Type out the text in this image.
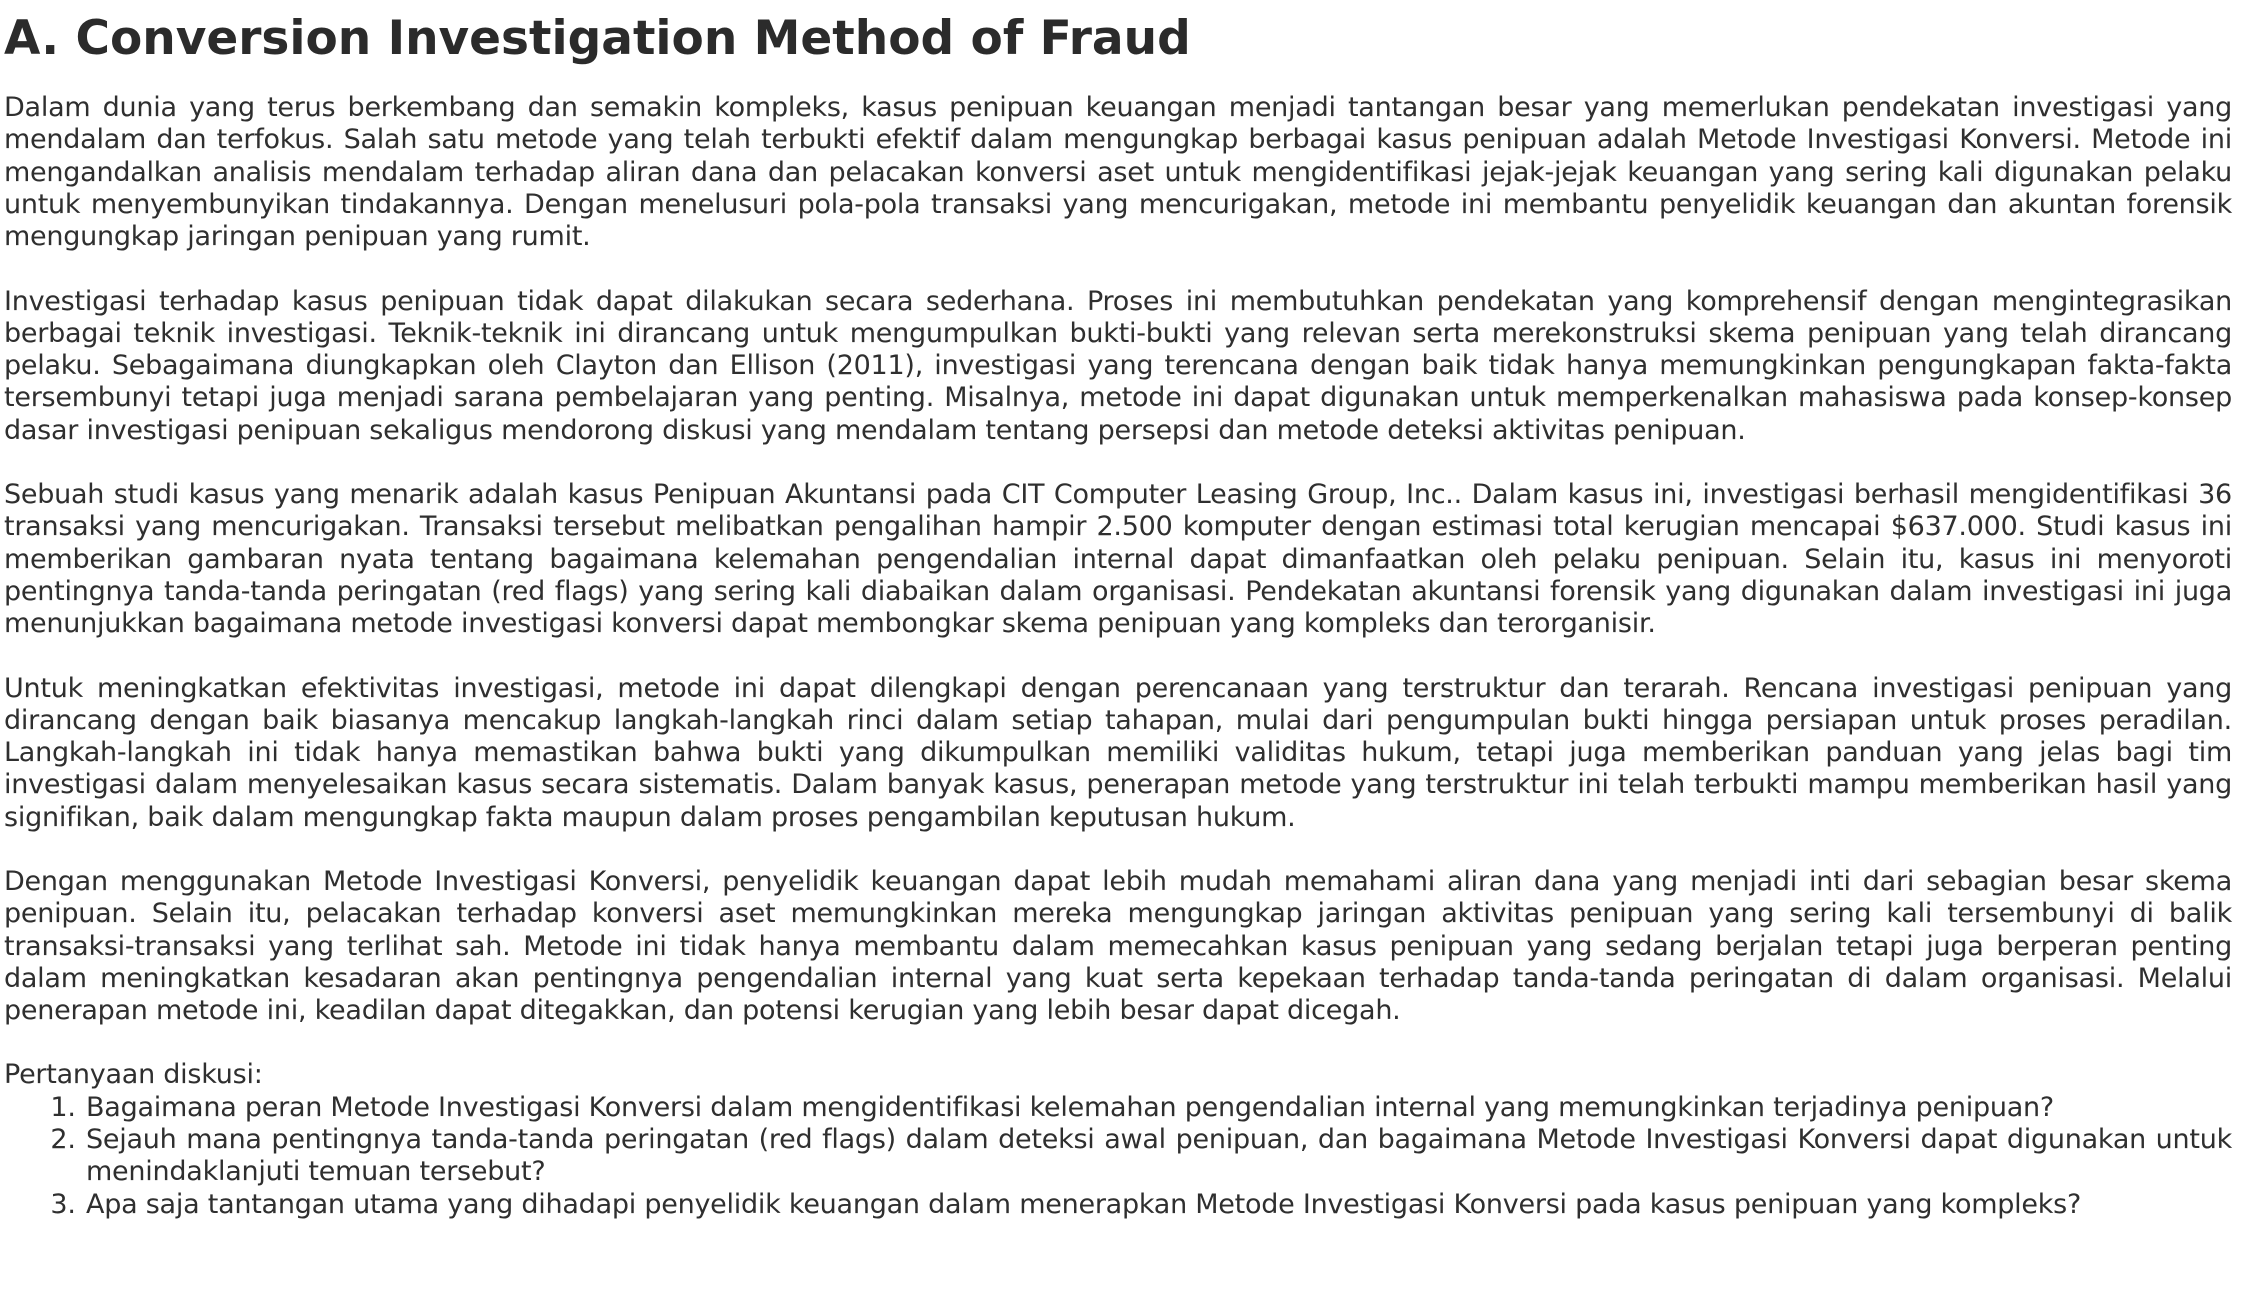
A. Conversion Investigation Method of Fraud

Dalam dunia yang terus berkembang dan semakin kompleks, kasus penipuan keuangan menjadi tantangan besar yang memerlukan pendekatan investigasi yang mendalam dan terfokus. Salah satu metode yang telah terbukti efektif dalam mengungkap berbagai kasus penipuan adalah Metode Investigasi Konversi. Metode ini mengandalkan analisis mendalam terhadap aliran dana dan pelacakan konversi aset untuk mengidentifikasi jejak-jejak keuangan yang sering kali digunakan pelaku untuk menyembunyikan tindakannya. Dengan menelusuri pola-pola transaksi yang mencurigakan, metode ini membantu penyelidik keuangan dan akuntan forensik mengungkap jaringan penipuan yang rumit.

Investigasi terhadap kasus penipuan tidak dapat dilakukan secara sederhana. Proses ini membutuhkan pendekatan yang komprehensif dengan mengintegrasikan berbagai teknik investigasi. Teknik-teknik ini dirancang untuk mengumpulkan bukti-bukti yang relevan serta merekonstruksi skema penipuan yang telah dirancang pelaku. Sebagaimana diungkapkan oleh Clayton dan Ellison (2011), investigasi yang terencana dengan baik tidak hanya memungkinkan pengungkapan fakta-fakta tersembunyi tetapi juga menjadi sarana pembelajaran yang penting. Misalnya, metode ini dapat digunakan untuk memperkenalkan mahasiswa pada konsep-konsep dasar investigasi penipuan sekaligus mendorong diskusi yang mendalam tentang persepsi dan metode deteksi aktivitas penipuan.

Sebuah studi kasus yang menarik adalah kasus Penipuan Akuntansi pada CIT Computer Leasing Group, Inc.. Dalam kasus ini, investigasi berhasil mengidentifikasi 36 transaksi yang mencurigakan. Transaksi tersebut melibatkan pengalihan hampir 2.500 komputer dengan estimasi total kerugian mencapai $637.000. Studi kasus ini memberikan gambaran nyata tentang bagaimana kelemahan pengendalian internal dapat dimanfaatkan oleh pelaku penipuan. Selain itu, kasus ini menyoroti pentingnya tanda-tanda peringatan (red flags) yang sering kali diabaikan dalam organisasi. Pendekatan akuntansi forensik yang digunakan dalam investigasi ini juga menunjukkan bagaimana metode investigasi konversi dapat membongkar skema penipuan yang kompleks dan terorganisir.

Untuk meningkatkan efektivitas investigasi, metode ini dapat dilengkapi dengan perencanaan yang terstruktur dan terarah. Rencana investigasi penipuan yang dirancang dengan baik biasanya mencakup langkah-langkah rinci dalam setiap tahapan, mulai dari pengumpulan bukti hingga persiapan untuk proses peradilan. Langkah-langkah ini tidak hanya memastikan bahwa bukti yang dikumpulkan memiliki validitas hukum, tetapi juga memberikan panduan yang jelas bagi tim investigasi dalam menyelesaikan kasus secara sistematis. Dalam banyak kasus, penerapan metode yang terstruktur ini telah terbukti mampu memberikan hasil yang signifikan, baik dalam mengungkap fakta maupun dalam proses pengambilan keputusan hukum.

Dengan menggunakan Metode Investigasi Konversi, penyelidik keuangan dapat lebih mudah memahami aliran dana yang menjadi inti dari sebagian besar skema penipuan. Selain itu, pelacakan terhadap konversi aset memungkinkan mereka mengungkap jaringan aktivitas penipuan yang sering kali tersembunyi di balik transaksi-transaksi yang terlihat sah. Metode ini tidak hanya membantu dalam memecahkan kasus penipuan yang sedang berjalan tetapi juga berperan penting dalam meningkatkan kesadaran akan pentingnya pengendalian internal yang kuat serta kepekaan terhadap tanda-tanda peringatan di dalam organisasi. Melalui penerapan metode ini, keadilan dapat ditegakkan, dan potensi kerugian yang lebih besar dapat dicegah.

Pertanyaan diskusi:
1. Bagaimana peran Metode Investigasi Konversi dalam mengidentifikasi kelemahan pengendalian internal yang memungkinkan terjadinya penipuan?
2. Sejauh mana pentingnya tanda-tanda peringatan (red flags) dalam deteksi awal penipuan, dan bagaimana Metode Investigasi Konversi dapat digunakan untuk menindaklanjuti temuan tersebut?
3. Apa saja tantangan utama yang dihadapi penyelidik keuangan dalam menerapkan Metode Investigasi Konversi pada kasus penipuan yang kompleks?
